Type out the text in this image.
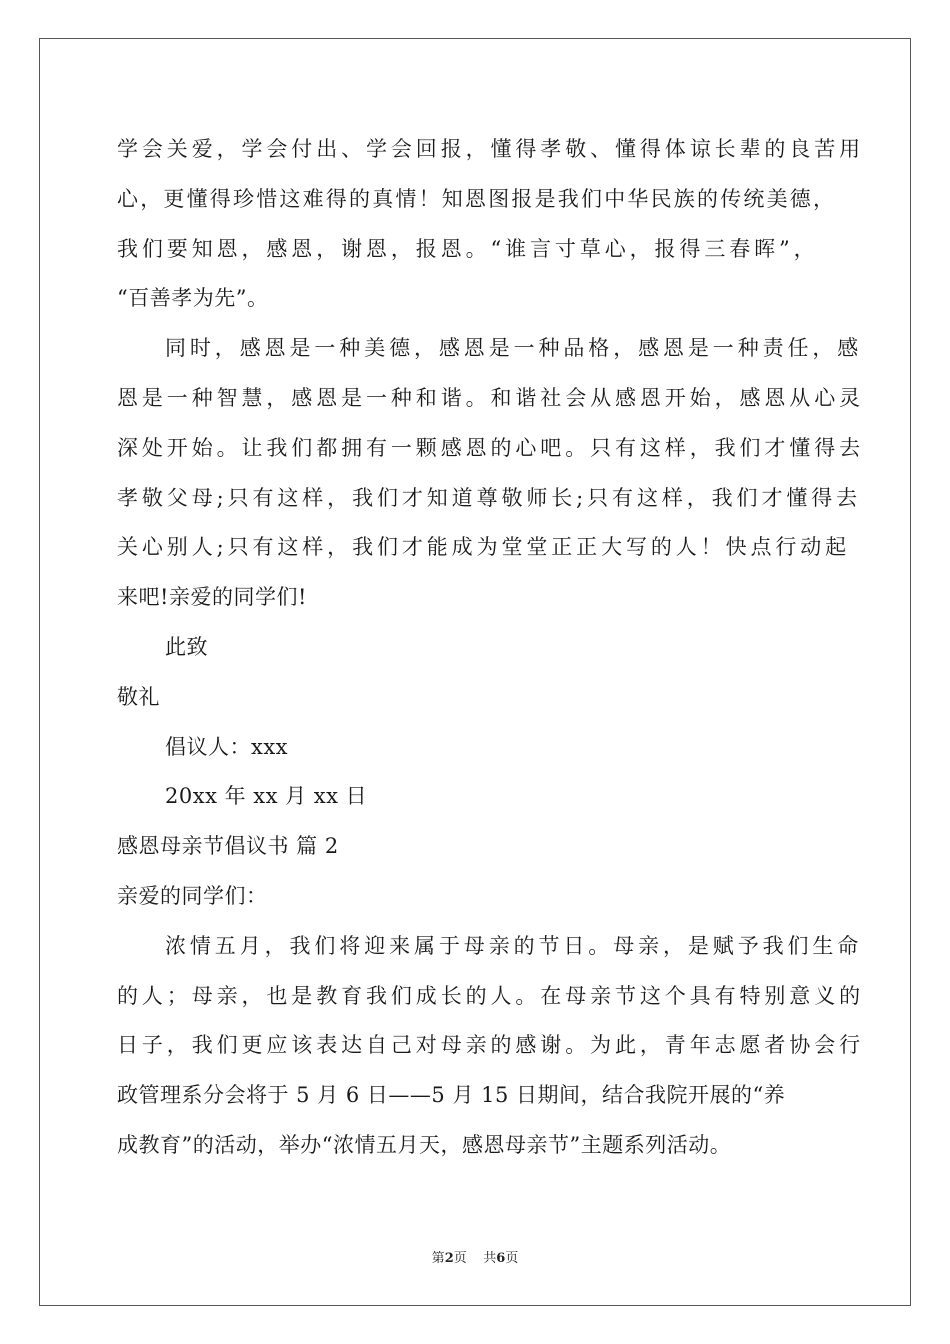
学会关爱，学会付出、学会回报，懂得孝敬、懂得体谅长辈的良苦用
心，更懂得珍惜这难得的真情！知恩图报是我们中华民族的传统美德，
我们要知恩，感恩，谢恩，报恩。“谁言寸草心，报得三春晖”，
“百善孝为先”。
同时，感恩是一种美德，感恩是一种品格，感恩是一种责任，感
恩是一种智慧，感恩是一种和谐。和谐社会从感恩开始，感恩从心灵
深处开始。让我们都拥有一颗感恩的心吧。只有这样，我们才懂得去
孝敬父母;只有这样，我们才知道尊敬师长;只有这样，我们才懂得去
关心别人;只有这样，我们才能成为堂堂正正大写的人！快点行动起
来吧!亲爱的同学们!
此致
敬礼
倡议人：xxx
20xx 年 xx 月 xx 日
感恩母亲节倡议书 篇 2
亲爱的同学们：
浓情五月，我们将迎来属于母亲的节日。母亲，是赋予我们生命
的人；母亲，也是教育我们成长的人。在母亲节这个具有特别意义的
日子，我们更应该表达自己对母亲的感谢。为此，青年志愿者协会行
政管理系分会将于 5 月 6 日——5 月 15 日期间，结合我院开展的“养
成教育”的活动，举办“浓情五月天，感恩母亲节”主题系列活动。
第2页    共6页
